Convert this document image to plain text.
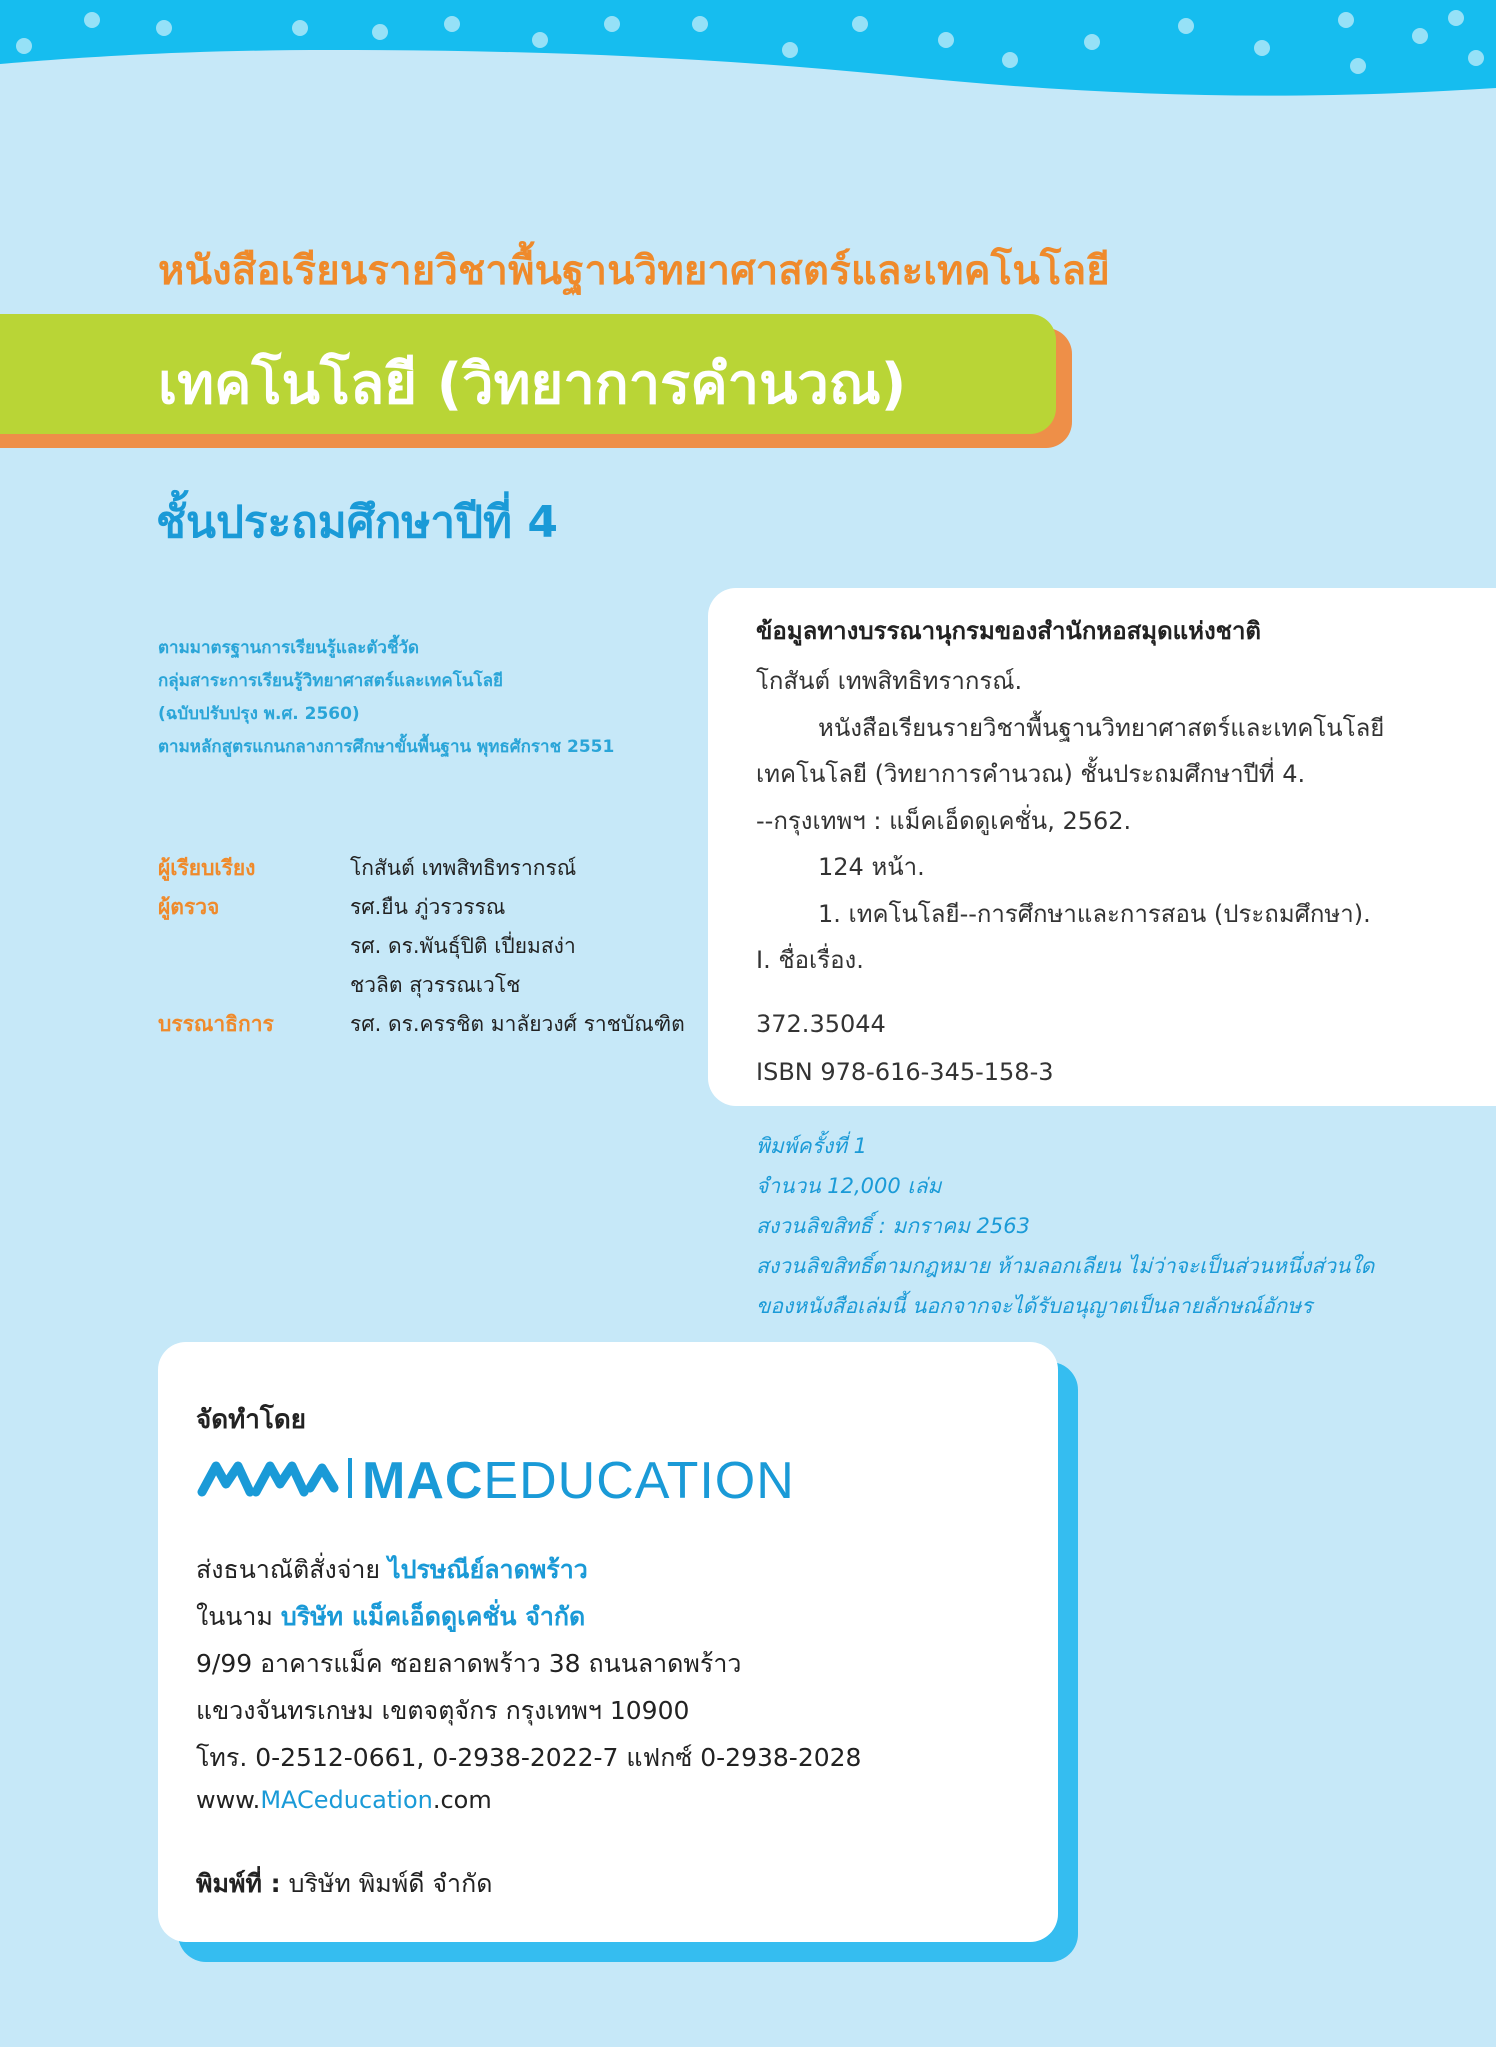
หนังสือเรียนรายวิชาพื้นฐานวิทยาศาสตร์และเทคโนโลยี
เทคโนโลยี (วิทยาการคำนวณ)
ชั้นประถมศึกษาปีที่ 4
ตามมาตรฐานการเรียนรู้และตัวชี้วัด
กลุ่มสาระการเรียนรู้วิทยาศาสตร์และเทคโนโลยี
(ฉบับปรับปรุง พ.ศ. 2560)
ตามหลักสูตรแกนกลางการศึกษาขั้นพื้นฐาน พุทธศักราช 2551
ผู้เรียบเรียง	โกสันต์ เทพสิทธิทรากรณ์
ผู้ตรวจ	รศ.ยืน ภู่วรวรรณ
รศ. ดร.พันธุ์ปิติ เปี่ยมสง่า
ชวลิต สุวรรณเวโช
บรรณาธิการ	รศ. ดร.ครรชิต มาลัยวงศ์ ราชบัณฑิต
ข้อมูลทางบรรณานุกรมของสำนักหอสมุดแห่งชาติ
โกสันต์ เทพสิทธิทรากรณ์.
หนังสือเรียนรายวิชาพื้นฐานวิทยาศาสตร์และเทคโนโลยี
เทคโนโลยี (วิทยาการคำนวณ) ชั้นประถมศึกษาปีที่ 4.
--กรุงเทพฯ : แม็คเอ็ดดูเคชั่น, 2562.
124 หน้า.
1. เทคโนโลยี--การศึกษาและการสอน (ประถมศึกษา).
I. ชื่อเรื่อง.
372.35044
ISBN 978-616-345-158-3
พิมพ์ครั้งที่ 1
จำนวน 12,000 เล่ม
สงวนลิขสิทธิ์ : มกราคม 2563
สงวนลิขสิทธิ์ตามกฎหมาย ห้ามลอกเลียน ไม่ว่าจะเป็นส่วนหนึ่งส่วนใด
ของหนังสือเล่มนี้ นอกจากจะได้รับอนุญาตเป็นลายลักษณ์อักษร
จัดทำโดย
MACEDUCATION
ส่งธนาณัติสั่งจ่าย ไปรษณีย์ลาดพร้าว
ในนาม บริษัท แม็คเอ็ดดูเคชั่น จำกัด
9/99 อาคารแม็ค ซอยลาดพร้าว 38 ถนนลาดพร้าว
แขวงจันทรเกษม เขตจตุจักร กรุงเทพฯ 10900
โทร. 0-2512-0661, 0-2938-2022-7 แฟกซ์ 0-2938-2028
www.MACeducation.com
พิมพ์ที่ : บริษัท พิมพ์ดี จำกัด
